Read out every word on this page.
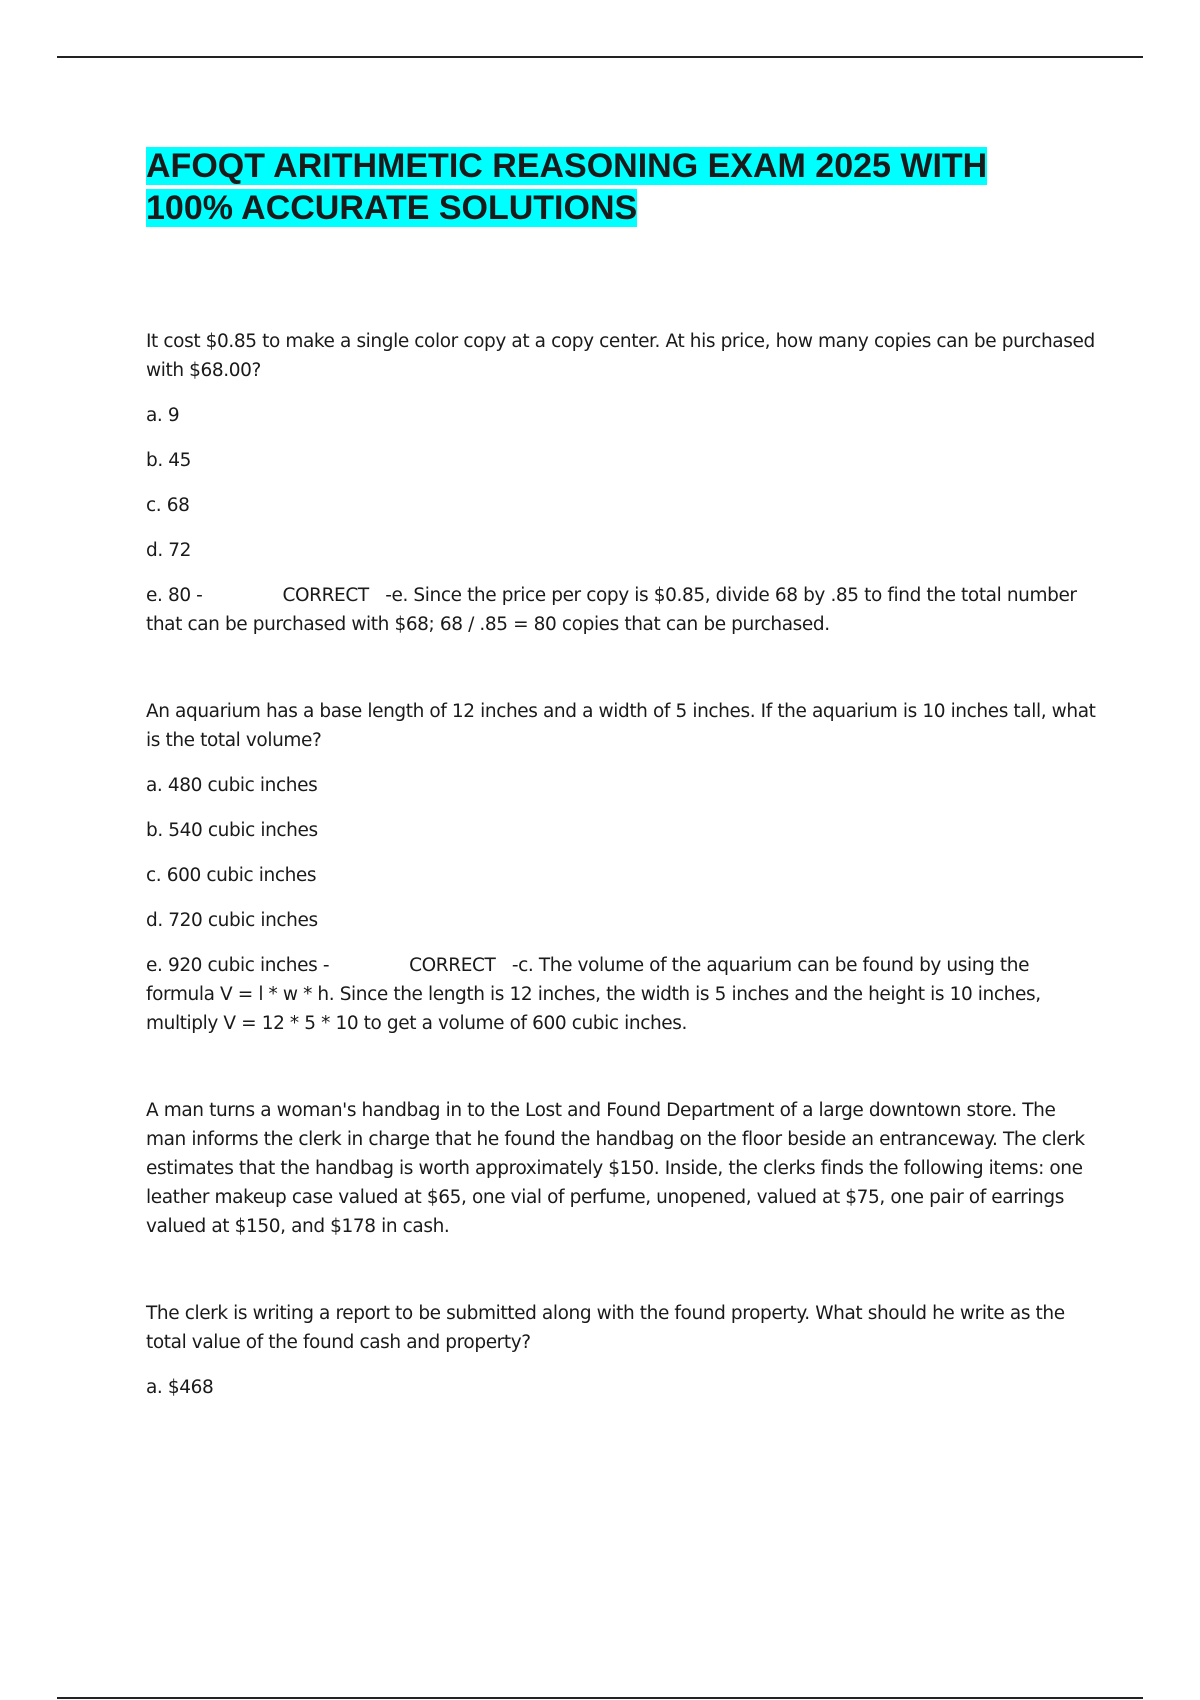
AFOQT ARITHMETIC REASONING EXAM 2025 WITH
100% ACCURATE SOLUTIONS

It cost $0.85 to make a single color copy at a copy center. At his price, how many copies can be purchased with $68.00?

a. 9

b. 45

c. 68

d. 72

e. 80 -	CORRECT -e. Since the price per copy is $0.85, divide 68 by .85 to find the total number that can be purchased with $68; 68 / .85 = 80 copies that can be purchased.

An aquarium has a base length of 12 inches and a width of 5 inches. If the aquarium is 10 inches tall, what is the total volume?

a. 480 cubic inches

b. 540 cubic inches

c. 600 cubic inches

d. 720 cubic inches

e. 920 cubic inches -	CORRECT -c. The volume of the aquarium can be found by using the formula V = l * w * h. Since the length is 12 inches, the width is 5 inches and the height is 10 inches, multiply V = 12 * 5 * 10 to get a volume of 600 cubic inches.

A man turns a woman's handbag in to the Lost and Found Department of a large downtown store. The man informs the clerk in charge that he found the handbag on the floor beside an entranceway. The clerk estimates that the handbag is worth approximately $150. Inside, the clerks finds the following items: one leather makeup case valued at $65, one vial of perfume, unopened, valued at $75, one pair of earrings valued at $150, and $178 in cash.

The clerk is writing a report to be submitted along with the found property. What should he write as the total value of the found cash and property?

a. $468
